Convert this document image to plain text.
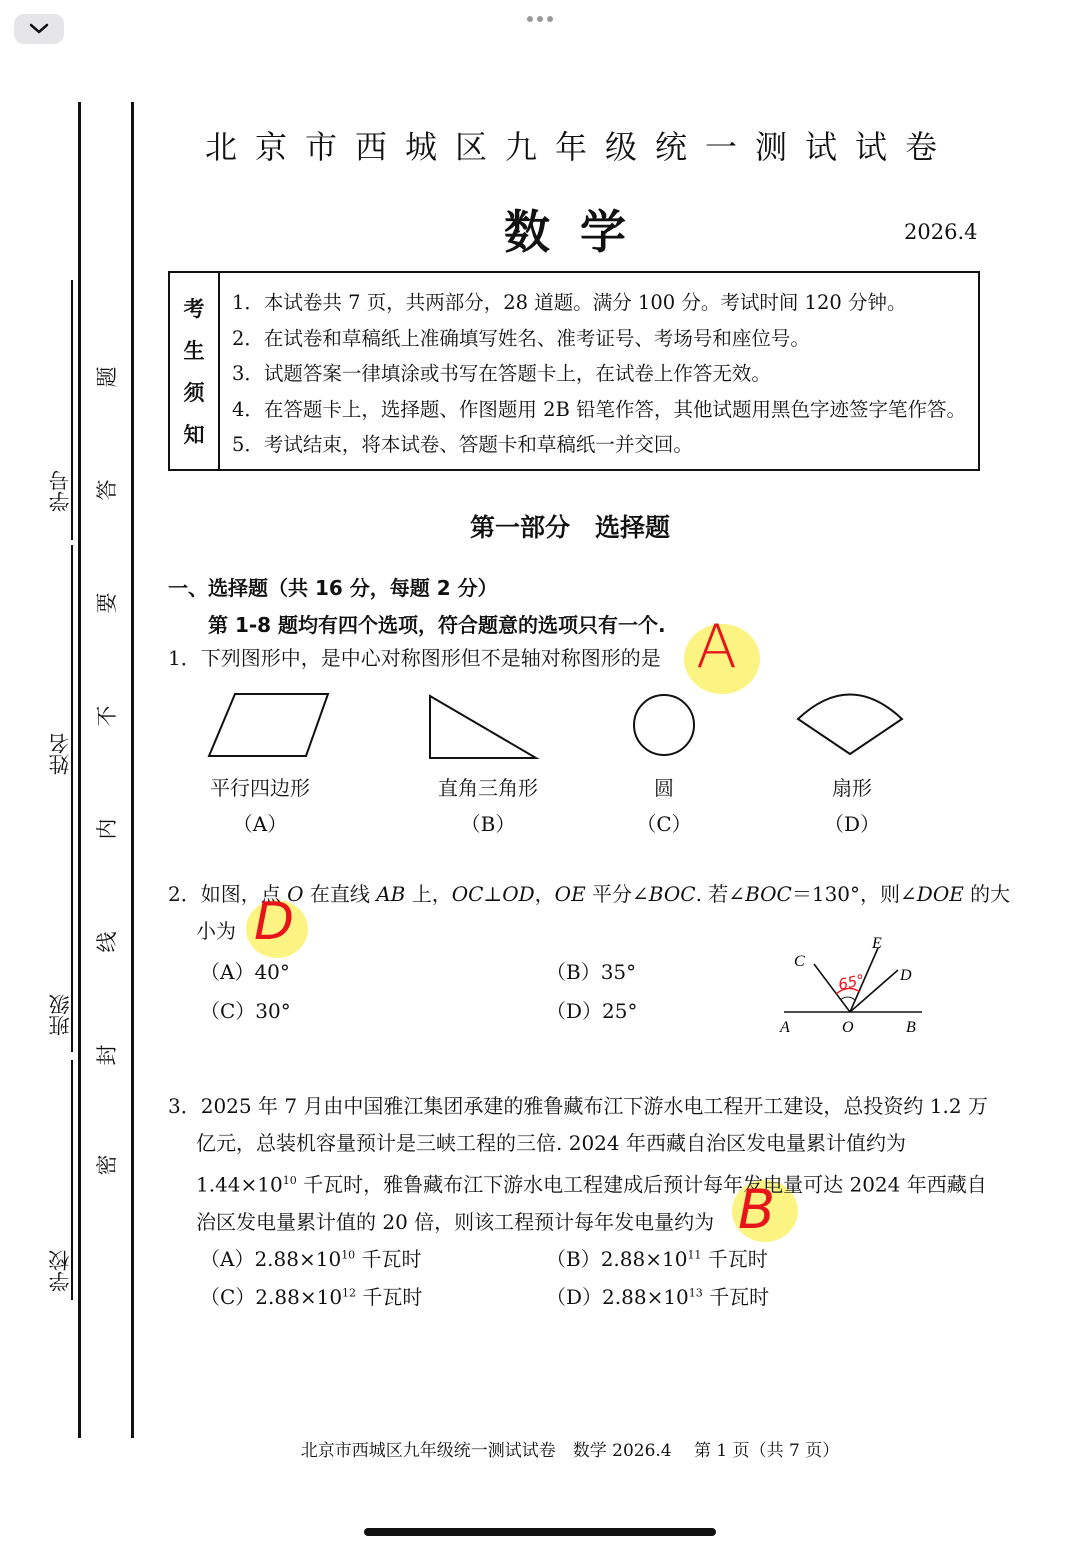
学号
姓名
班级
学校
题
答
要
不
内
线
封
密
北京市西城区九年级统一测试试卷
数学	2026.4
考
生
须
知
1．本试卷共 7 页，共两部分，28 道题。满分 100 分。考试时间 120 分钟。
2．在试卷和草稿纸上准确填写姓名、准考证号、考场号和座位号。
3．试题答案一律填涂或书写在答题卡上，在试卷上作答无效。
4．在答题卡上，选择题、作图题用 2B 铅笔作答，其他试题用黑色字迹签字笔作答。
5．考试结束，将本试卷、答题卡和草稿纸一并交回。
第一部分　选择题
一、选择题（共 16 分，每题 2 分）
第 1-8 题均有四个选项，符合题意的选项只有一个.
1．下列图形中，是中心对称图形但不是轴对称图形的是 A
平行四边形
（A）
直角三角形
（B）
圆
（C）
扇形
（D）
2．如图，点 O 在直线 AB 上，OC⊥OD，OE 平分∠BOC. 若∠BOC＝130°，则∠DOE 的大
小为 D
（A）40°	（B）35°
（C）30°	（D）25°
C
E
D
A	O	B
65°
3．2025 年 7 月由中国雅江集团承建的雅鲁藏布江下游水电工程开工建设，总投资约 1.2 万
亿元，总装机容量预计是三峡工程的三倍. 2024 年西藏自治区发电量累计值约为
$1.44\times 10^{10}$ 千瓦时，雅鲁藏布江下游水电工程建成后预计每年发电量可达 2024 年西藏自
治区发电量累计值的 20 倍，则该工程预计每年发电量约为 B
$(A)2.88\times 10^{10}$ 千瓦时	$(B)2.88\times 10^{11}$ 千瓦时
$(C)2.88\times 10^{12}$ 千瓦时	$(D)2.88\times 10^{13}$ 千瓦时
北京市西城区九年级统一测试试卷　数学 2026.4　 第 1 页（共 7 页）
